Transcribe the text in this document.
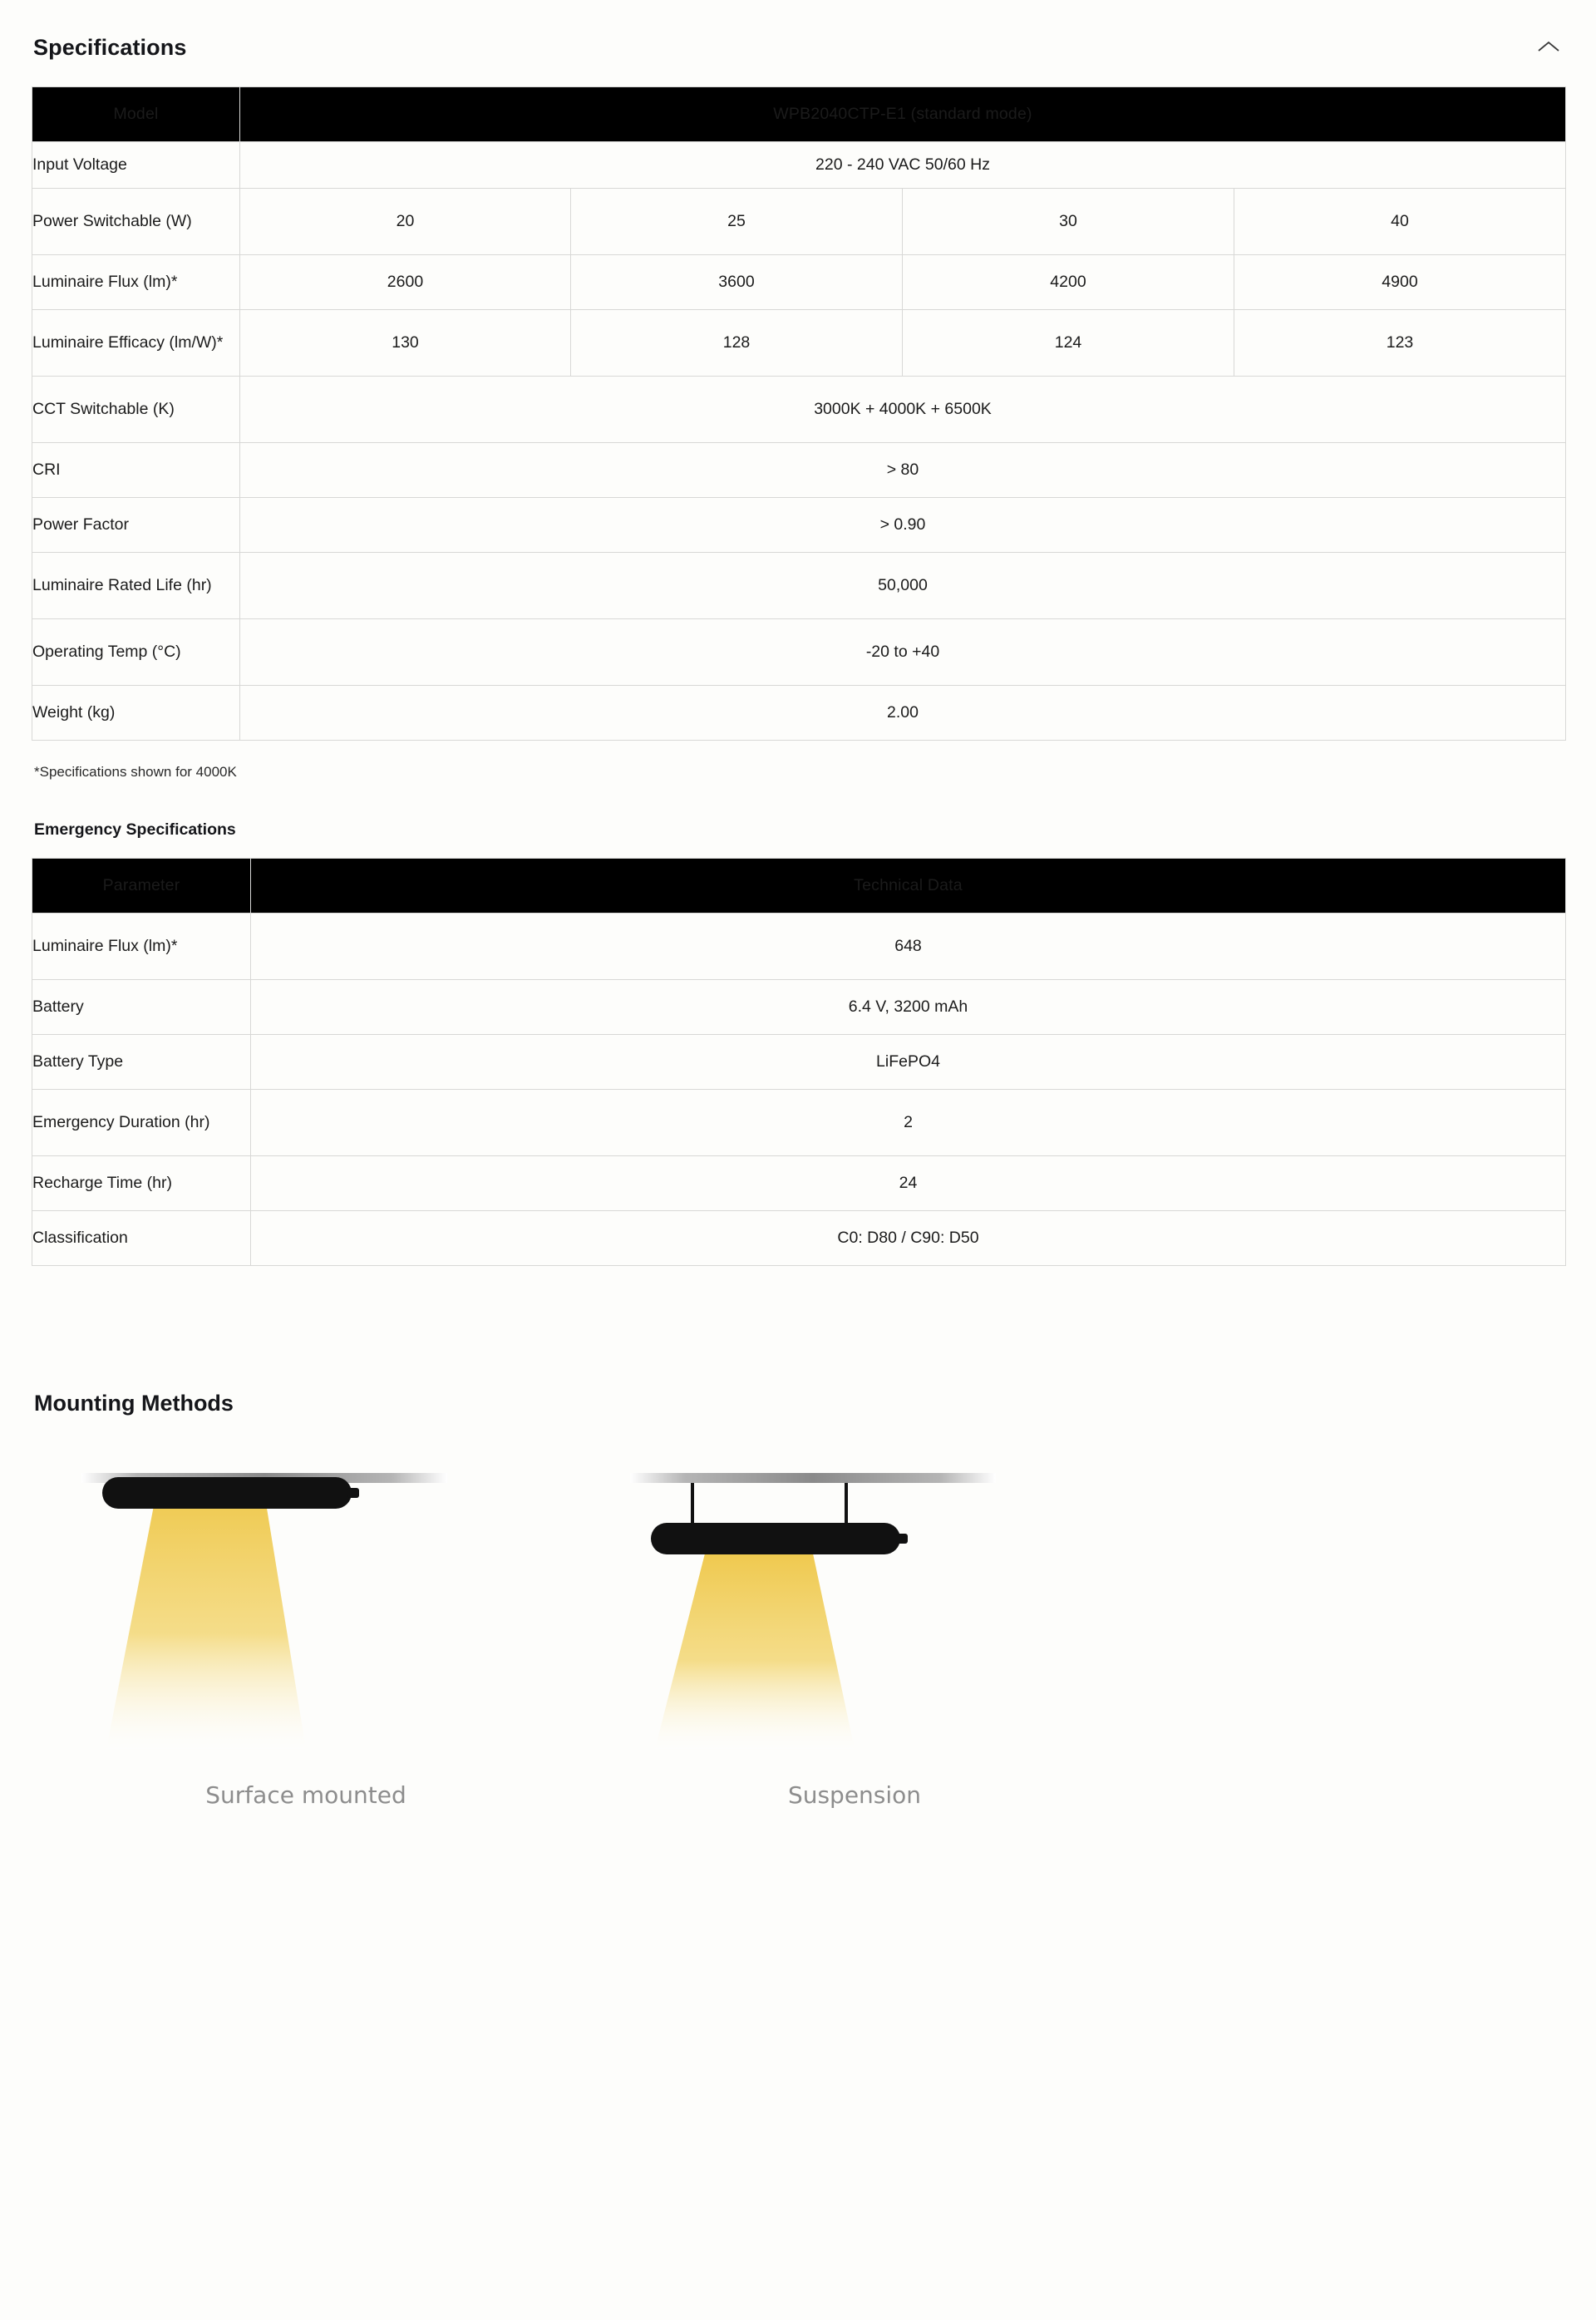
Specifications
Model	WPB2040CTP-E1 (standard mode)			
Input Voltage	220 - 240 VAC 50/60 Hz			
Power Switchable (W)	20	25	30	40
Luminaire Flux (lm)*	2600	3600	4200	4900
Luminaire Efficacy (lm/W)*	130	128	124	123
CCT Switchable (K)	3000K + 4000K + 6500K			
CRI	> 80			
Power Factor	> 0.90			
Luminaire Rated Life (hr)	50,000			
Operating Temp (°C)	-20 to +40			
Weight (kg)	2.00			
*Specifications shown for 4000K
Emergency Specifications
Parameter	Technical Data
Luminaire Flux (lm)*	648
Battery	6.4 V, 3200 mAh
Battery Type	LiFePO4
Emergency Duration (hr)	2
Recharge Time (hr)	24
Classification	C0: D80 / C90: D50
Mounting Methods
Surface mounted	Suspension
